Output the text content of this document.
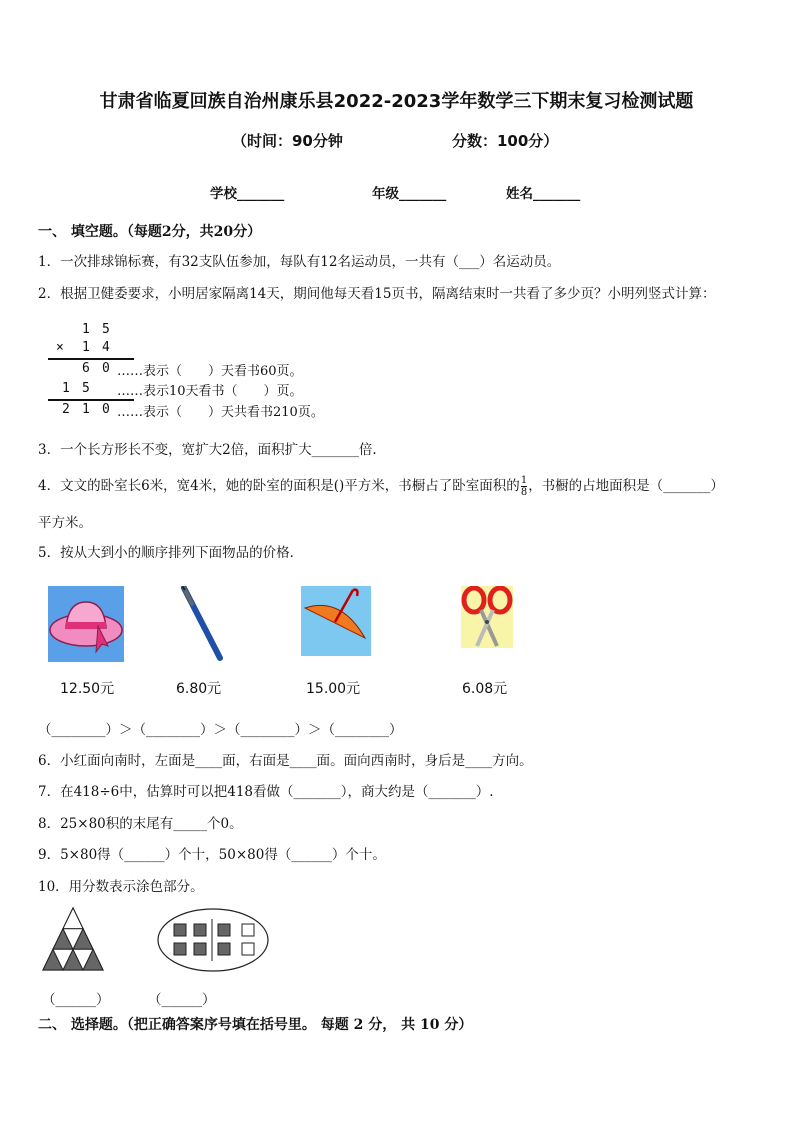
甘肃省临夏回族自治州康乐县2022-2023学年数学三下期末复习检测试题
（时间：90分钟	分数：100分）
学校_______	年级_______	姓名_______
一、 填空题。（每题2分，共20分）
1．一次排球锦标赛，有32支队伍参加，每队有12名运动员，一共有（___）名运动员。
2．根据卫健委要求，小明居家隔离14天，期间他每天看15页书，隔离结束时一共看了多少页？小明列竖式计算：
1 5
× 1 4
6 0 ……表示（　　）天看书60页。
1 5 ……表示10天看书（　　）页。
2 1 0 ……表示（　　）天共看书210页。
3．一个长方形长不变，宽扩大2倍，面积扩大_______倍.
4．文文的卧室长6米，宽4米，她的卧室的面积是()平方米，书橱占了卧室面积的 $\frac{1}{8}$ ，书橱的占地面积是（_______）
平方米。
5．按从大到小的顺序排列下面物品的价格．
12.50元	6.80元	15.00元	6.08元
（________）＞（________）＞（________）＞（________）
6．小红面向南时，左面是____面，右面是____面。面向西南时，身后是____方向。
7．在418÷6中，估算时可以把418看做（_______），商大约是（_______）.
8．25×80积的末尾有_____个0。
9．5×80得（______）个十，50×80得（______）个十。
10．用分数表示涂色部分。
（______）	（______）
二、 选择题。（把正确答案序号填在括号里。 每题 2 分， 共 10 分）
